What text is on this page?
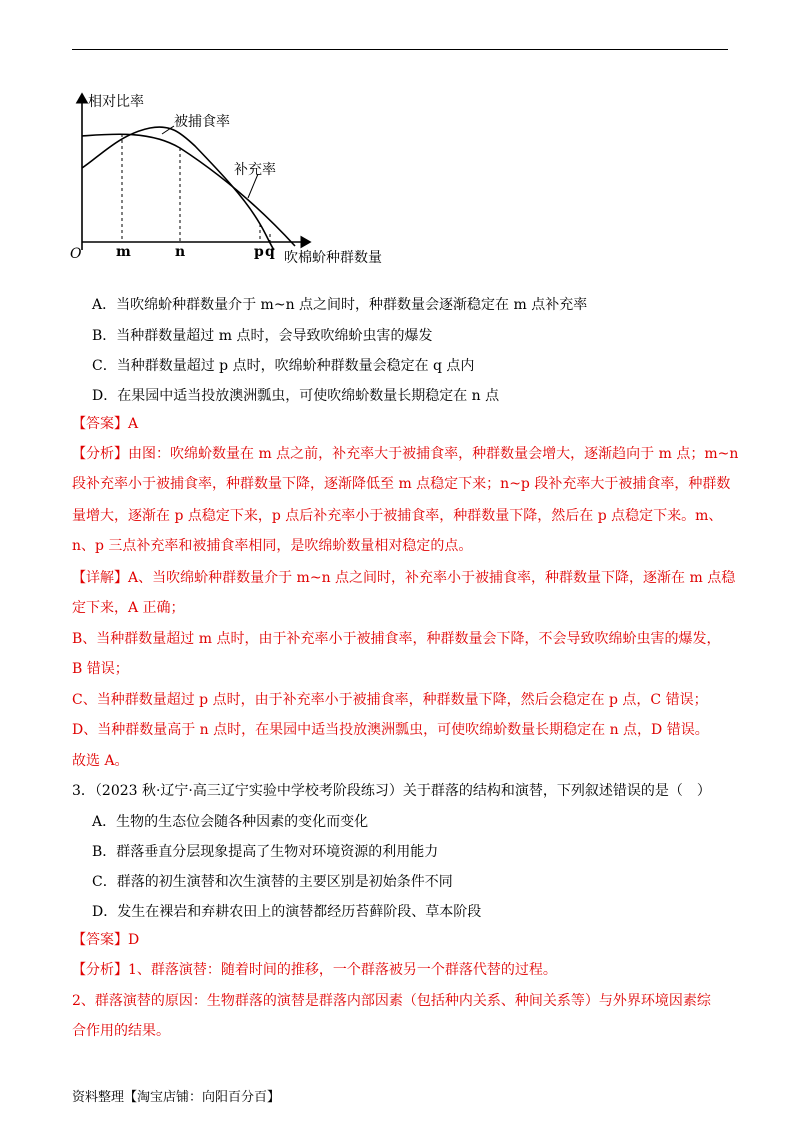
相对比率
被捕食率
补充率
O m	n	p q 吹棉蚧种群数量
A．当吹绵蚧种群数量介于 m~n 点之间时，种群数量会逐渐稳定在 m 点补充率
B．当种群数量超过 m 点时，会导致吹绵蚧虫害的爆发
C．当种群数量超过 p 点时，吹绵蚧种群数量会稳定在 q 点内
D．在果园中适当投放澳洲瓢虫，可使吹绵蚧数量长期稳定在 n 点
【答案】A
【分析】由图：吹绵蚧数量在 m 点之前，补充率大于被捕食率，种群数量会增大，逐渐趋向于 m 点；m~n
段补充率小于被捕食率，种群数量下降，逐渐降低至 m 点稳定下来；n~p 段补充率大于被捕食率，种群数
量增大，逐渐在 p 点稳定下来，p 点后补充率小于被捕食率，种群数量下降，然后在 p 点稳定下来。m、
n、p 三点补充率和被捕食率相同，是吹绵蚧数量相对稳定的点。
【详解】A、当吹绵蚧种群数量介于 m~n 点之间时，补充率小于被捕食率，种群数量下降，逐渐在 m 点稳
定下来，A 正确；
B、当种群数量超过 m 点时，由于补充率小于被捕食率，种群数量会下降，不会导致吹绵蚧虫害的爆发，
B 错误；
C、当种群数量超过 p 点时，由于补充率小于被捕食率，种群数量下降，然后会稳定在 p 点，C 错误；
D、当种群数量高于 n 点时，在果园中适当投放澳洲瓢虫，可使吹绵蚧数量长期稳定在 n 点，D 错误。
故选 A。
3．（2023 秋·辽宁·高三辽宁实验中学校考阶段练习）关于群落的结构和演替，下列叙述错误的是（　）
A．生物的生态位会随各种因素的变化而变化
B．群落垂直分层现象提高了生物对环境资源的利用能力
C．群落的初生演替和次生演替的主要区别是初始条件不同
D．发生在裸岩和弃耕农田上的演替都经历苔藓阶段、草本阶段
【答案】D
【分析】1、群落演替：随着时间的推移，一个群落被另一个群落代替的过程。
2、群落演替的原因：生物群落的演替是群落内部因素（包括种内关系、种间关系等）与外界环境因素综
合作用的结果。
资料整理【淘宝店铺：向阳百分百】
